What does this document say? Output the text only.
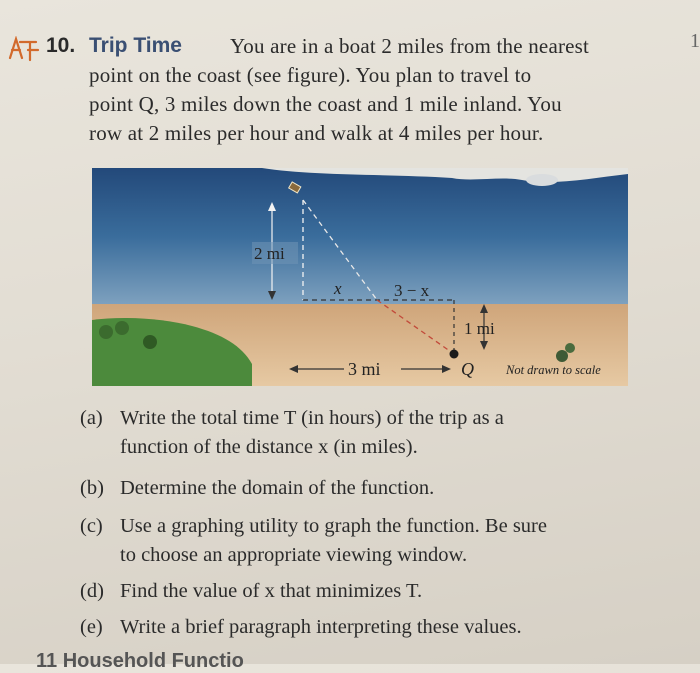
10. Trip Time You are in a boat 2 miles from the nearest
point on the coast (see figure). You plan to travel to
point Q, 3 miles down the coast and 1 mile inland. You
row at 2 miles per hour and walk at 4 miles per hour.
1
2 mi
x	3 − x
1 mi
Q
3 mi	Not drawn to scale
(a) Write the total time T (in hours) of the trip as a
function of the distance x (in miles).
(b) Determine the domain of the function.
(c) Use a graphing utility to graph the function. Be sure
to choose an appropriate viewing window.
(d) Find the value of x that minimizes T.
(e) Write a brief paragraph interpreting these values.
11 Household Functio
